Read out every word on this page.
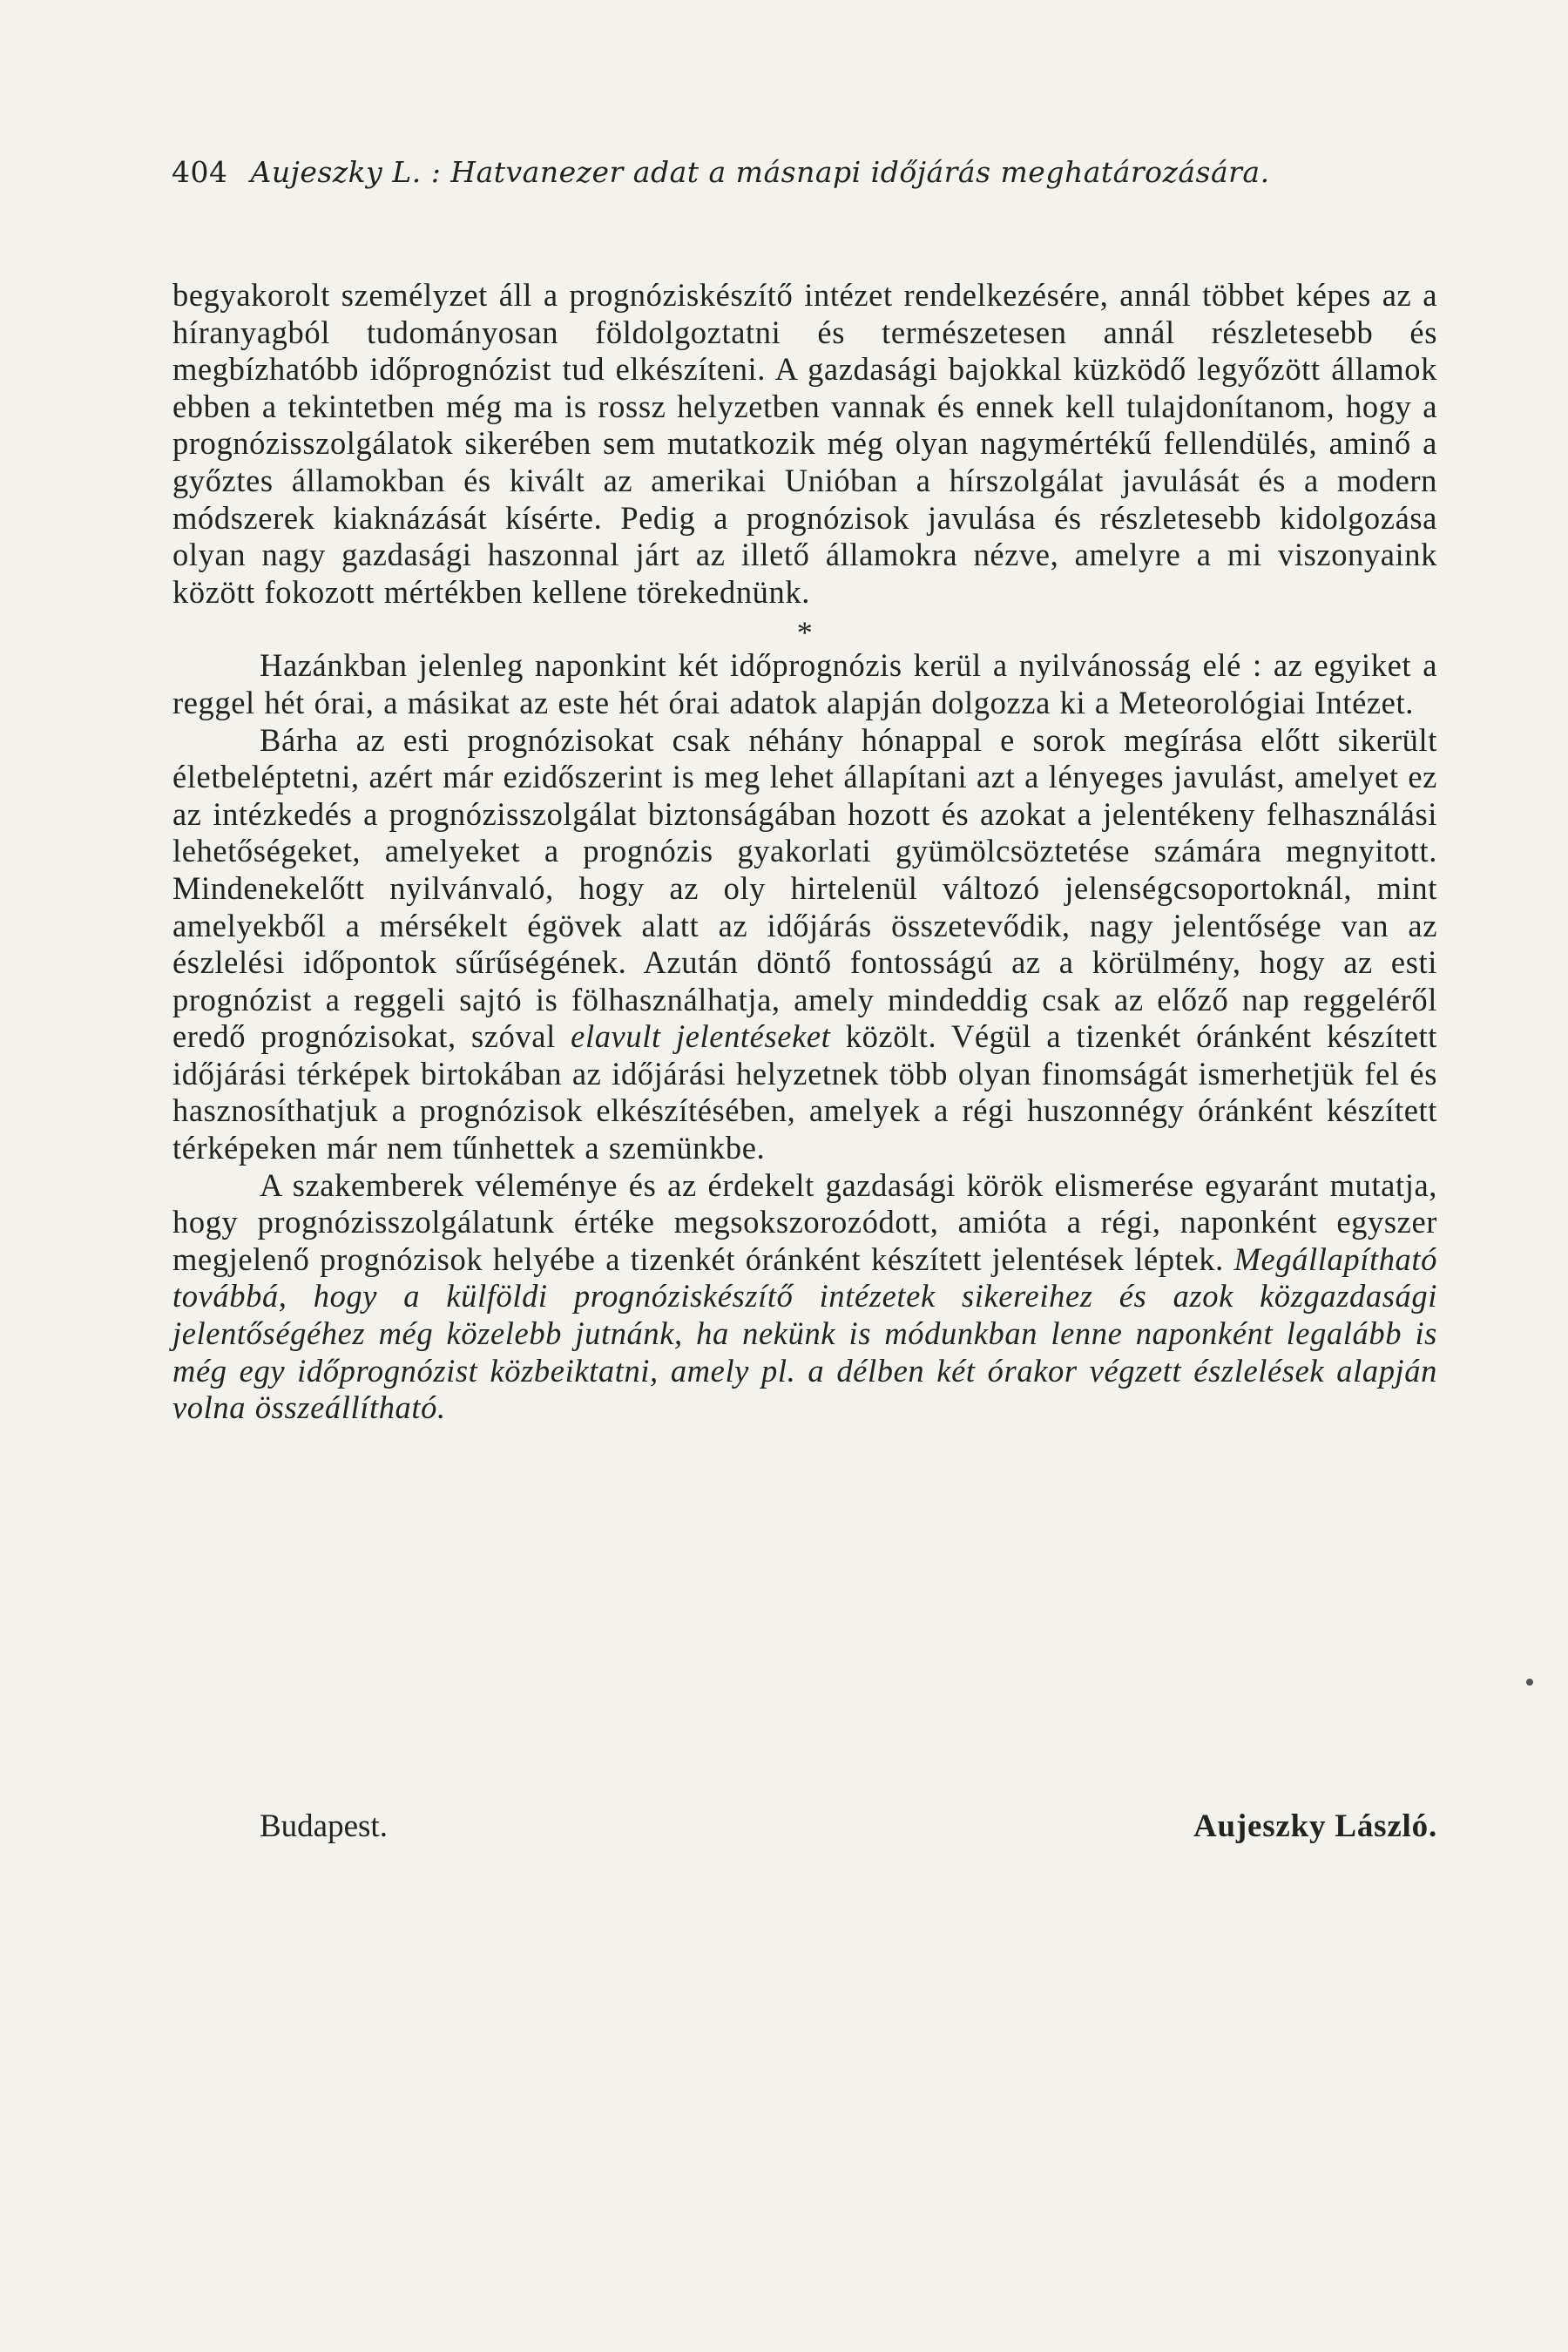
404 Aujeszky L. : Hatvanezer adat a másnapi időjárás meghatározására.

begyakorolt személyzet áll a prognóziskészítő intézet rendelkezésére, annál többet képes az a híranyagból tudományosan földolgoztatni és természetesen annál részletesebb és megbízhatóbb időprognózist tud elkészíteni. A gazdasági bajokkal küzködő legyőzött államok ebben a tekintetben még ma is rossz helyzetben vannak és ennek kell tulajdonítanom, hogy a prognózisszolgálatok sikerében sem mutatkozik még olyan nagymértékű fellendülés, aminő a győztes államokban és kivált az amerikai Unióban a hírszolgálat javulását és a modern módszerek kiaknázását kísérte. Pedig a prognózisok javulása és részletesebb kidolgozása olyan nagy gazdasági haszonnal járt az illető államokra nézve, amelyre a mi viszonyaink között fokozott mértékben kellene törekednünk.

*

Hazánkban jelenleg naponkint két időprognózis kerül a nyilvánosság elé : az egyiket a reggel hét órai, a másikat az este hét órai adatok alapján dolgozza ki a Meteorológiai Intézet.

Bárha az esti prognózisokat csak néhány hónappal e sorok megírása előtt sikerült életbeléptetni, azért már ezidőszerint is meg lehet állapítani azt a lényeges javulást, amelyet ez az intézkedés a prognózisszolgálat biztonságában hozott és azokat a jelentékeny felhasználási lehetőségeket, amelyeket a prognózis gyakorlati gyümölcsöztetése számára megnyitott. Mindenekelőtt nyilvánvaló, hogy az oly hirtelenül változó jelenségcsoportoknál, mint amelyekből a mérsékelt égövek alatt az időjárás összetevődik, nagy jelentősége van az észlelési időpontok sűrűségének. Azután döntő fontosságú az a körülmény, hogy az esti prognózist a reggeli sajtó is fölhasználhatja, amely mindeddig csak az előző nap reggeléről eredő prognózisokat, szóval elavult jelentéseket közölt. Végül a tizenkét óránként készített időjárási térképek birtokában az időjárási helyzetnek több olyan finomságát ismerhetjük fel és hasznosíthatjuk a prognózisok elkészítésében, amelyek a régi huszonnégy óránként készített térképeken már nem tűnhettek a szemünkbe.

A szakemberek véleménye és az érdekelt gazdasági körök elismerése egyaránt mutatja, hogy prognózisszolgálatunk értéke megsokszorozódott, amióta a régi, naponként egyszer megjelenő prognózisok helyébe a tizenkét óránként készített jelentések léptek. Megállapítható továbbá, hogy a külföldi prognóziskészítő intézetek sikereihez és azok közgazdasági jelentőségéhez még közelebb jutnánk, ha nekünk is módunkban lenne naponként legalább is még egy időprognózist közbeiktatni, amely pl. a délben két órakor végzett észlelések alapján volna összeállítható.

Budapest.	Aujeszky László.
